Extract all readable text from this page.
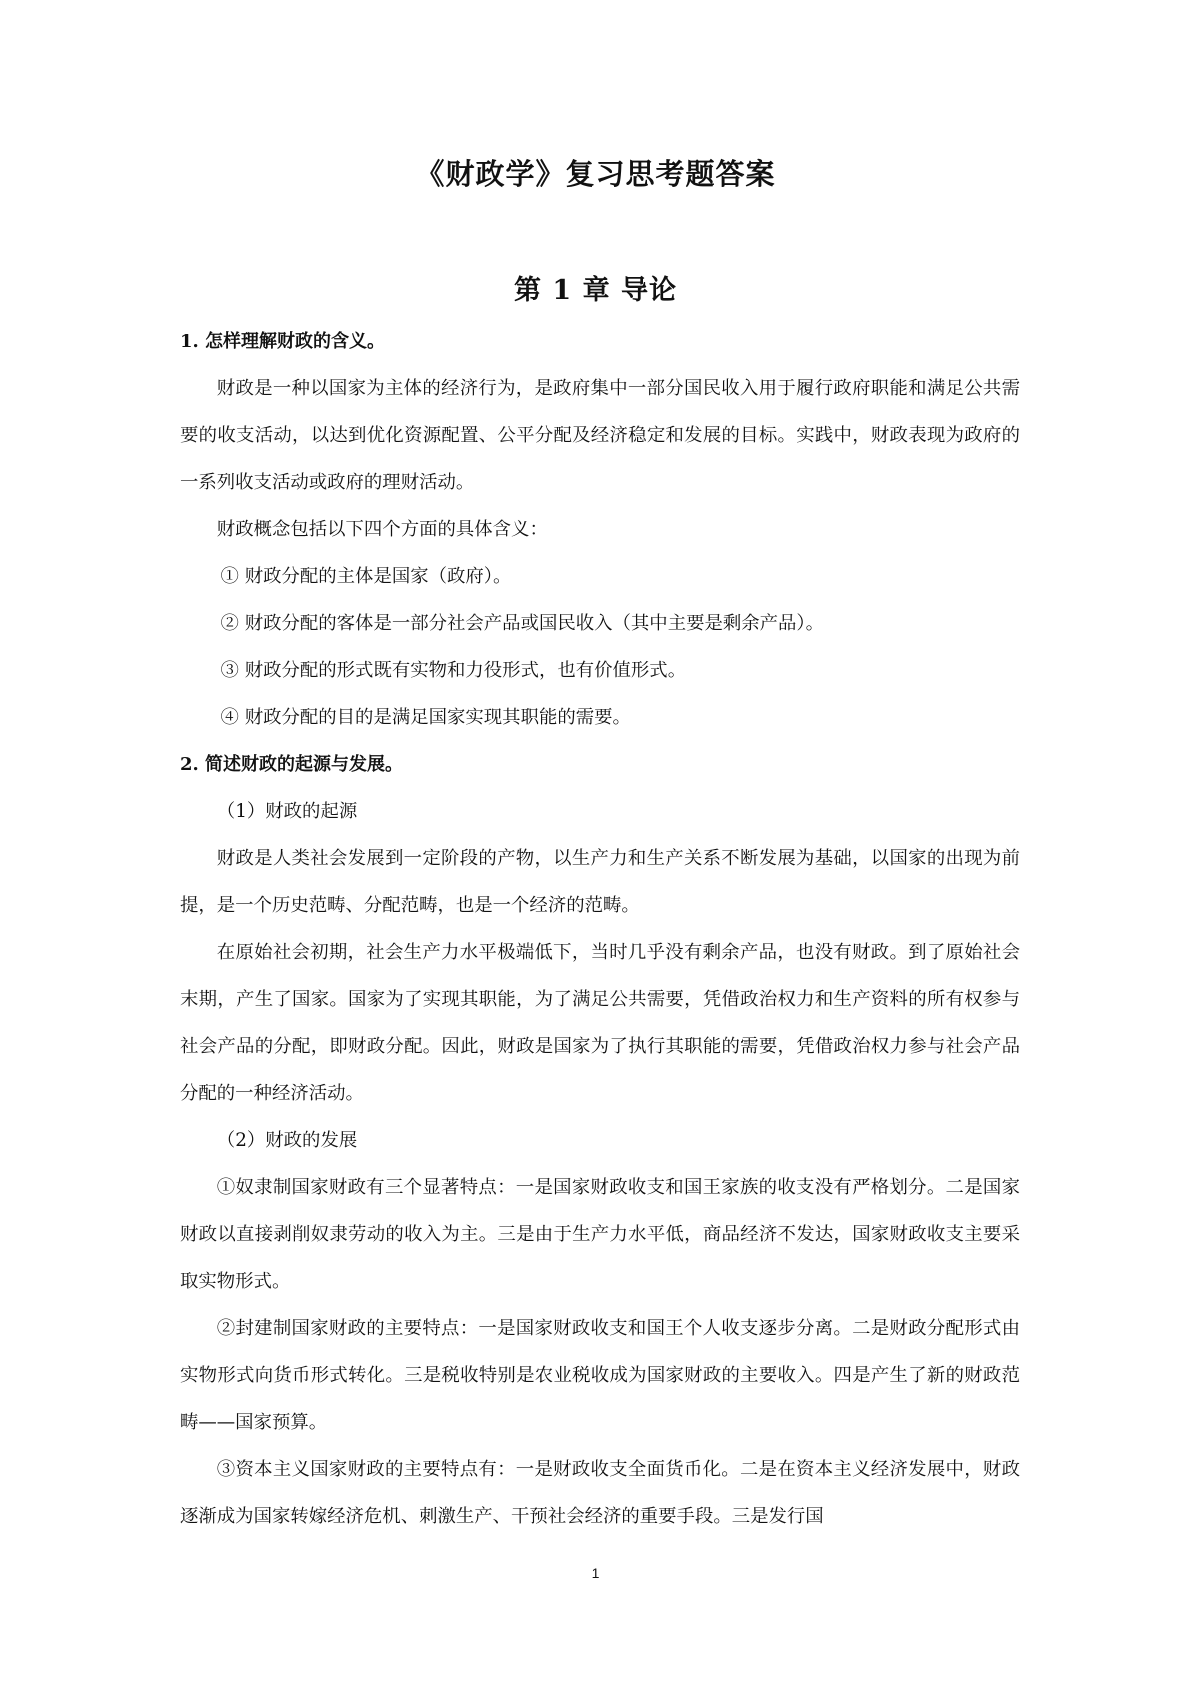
《财政学》复习思考题答案
第 1 章 导论

1. 怎样理解财政的含义。

财政是一种以国家为主体的经济行为，是政府集中一部分国民收入用于履行政府职能和满足公共需要的收支活动，以达到优化资源配置、公平分配及经济稳定和发展的目标。实践中，财政表现为政府的一系列收支活动或政府的理财活动。

财政概念包括以下四个方面的具体含义：

① 财政分配的主体是国家（政府）。

② 财政分配的客体是一部分社会产品或国民收入（其中主要是剩余产品）。

③ 财政分配的形式既有实物和力役形式，也有价值形式。

④ 财政分配的目的是满足国家实现其职能的需要。

2. 简述财政的起源与发展。

（1）财政的起源

财政是人类社会发展到一定阶段的产物，以生产力和生产关系不断发展为基础，以国家的出现为前提，是一个历史范畴、分配范畴，也是一个经济的范畴。

在原始社会初期，社会生产力水平极端低下，当时几乎没有剩余产品，也没有财政。到了原始社会末期，产生了国家。国家为了实现其职能，为了满足公共需要，凭借政治权力和生产资料的所有权参与社会产品的分配，即财政分配。因此，财政是国家为了执行其职能的需要，凭借政治权力参与社会产品分配的一种经济活动。

（2）财政的发展

①奴隶制国家财政有三个显著特点：一是国家财政收支和国王家族的收支没有严格划分。二是国家财政以直接剥削奴隶劳动的收入为主。三是由于生产力水平低，商品经济不发达，国家财政收支主要采取实物形式。

②封建制国家财政的主要特点：一是国家财政收支和国王个人收支逐步分离。二是财政分配形式由实物形式向货币形式转化。三是税收特别是农业税收成为国家财政的主要收入。四是产生了新的财政范畴——国家预算。

③资本主义国家财政的主要特点有：一是财政收支全面货币化。二是在资本主义经济发展中，财政逐渐成为国家转嫁经济危机、刺激生产、干预社会经济的重要手段。三是发行国

1
